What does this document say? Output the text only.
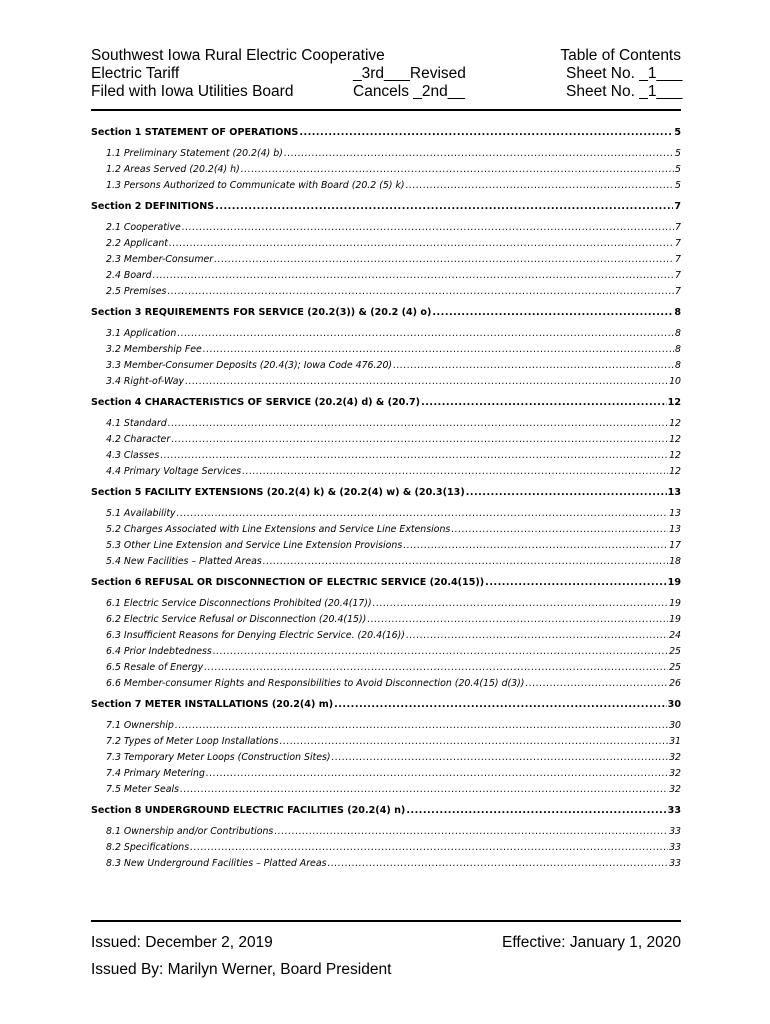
Southwest Iowa Rural Electric Cooperative	Table of Contents
Electric Tariff	_3rd___Revised	Sheet No. _1___
Filed with Iowa Utilities Board	Cancels _2nd__	Sheet No. _1___
Section 1 STATEMENT OF OPERATIONS .....	5
1.1 Preliminary Statement (20.2(4) b) .....	5
1.2 Areas Served (20.2(4) h) .....	5
1.3 Persons Authorized to Communicate with Board (20.2 (5) k) .....	5
Section 2 DEFINITIONS .....	7
2.1 Cooperative .....	7
2.2 Applicant .....	7
2.3 Member-Consumer .....	7
2.4 Board .....	7
2.5 Premises .....	7
Section 3 REQUIREMENTS FOR SERVICE (20.2(3)) & (20.2 (4) o) .....	8
3.1 Application .....	8
3.2 Membership Fee .....	8
3.3 Member-Consumer Deposits (20.4(3); Iowa Code 476.20) .....	8
3.4 Right-of-Way .....	10
Section 4 CHARACTERISTICS OF SERVICE (20.2(4) d) & (20.7) .....	12
4.1 Standard .....	12
4.2 Character .....	12
4.3 Classes .....	12
4.4 Primary Voltage Services .....	12
Section 5 FACILITY EXTENSIONS (20.2(4) k) & (20.2(4) w) & (20.3(13) .....	13
5.1 Availability .....	13
5.2 Charges Associated with Line Extensions and Service Line Extensions .....	13
5.3 Other Line Extension and Service Line Extension Provisions .....	17
5.4 New Facilities – Platted Areas .....	18
Section 6 REFUSAL OR DISCONNECTION OF ELECTRIC SERVICE (20.4(15)) .....	19
6.1 Electric Service Disconnections Prohibited (20.4(17)) .....	19
6.2 Electric Service Refusal or Disconnection (20.4(15)) .....	19
6.3 Insufficient Reasons for Denying Electric Service. (20.4(16)) .....	24
6.4 Prior Indebtedness .....	25
6.5 Resale of Energy .....	25
6.6 Member-consumer Rights and Responsibilities to Avoid Disconnection (20.4(15) d(3)) .....	26
Section 7 METER INSTALLATIONS (20.2(4) m) .....	30
7.1 Ownership .....	30
7.2 Types of Meter Loop Installations .....	31
7.3 Temporary Meter Loops (Construction Sites) .....	32
7.4 Primary Metering .....	32
7.5 Meter Seals .....	32
Section 8 UNDERGROUND ELECTRIC FACILITIES (20.2(4) n) .....	33
8.1 Ownership and/or Contributions .....	33
8.2 Specifications .....	33
8.3 New Underground Facilities – Platted Areas .....	33
Issued: December 2, 2019	Effective: January 1, 2020
Issued By: Marilyn Werner, Board President
